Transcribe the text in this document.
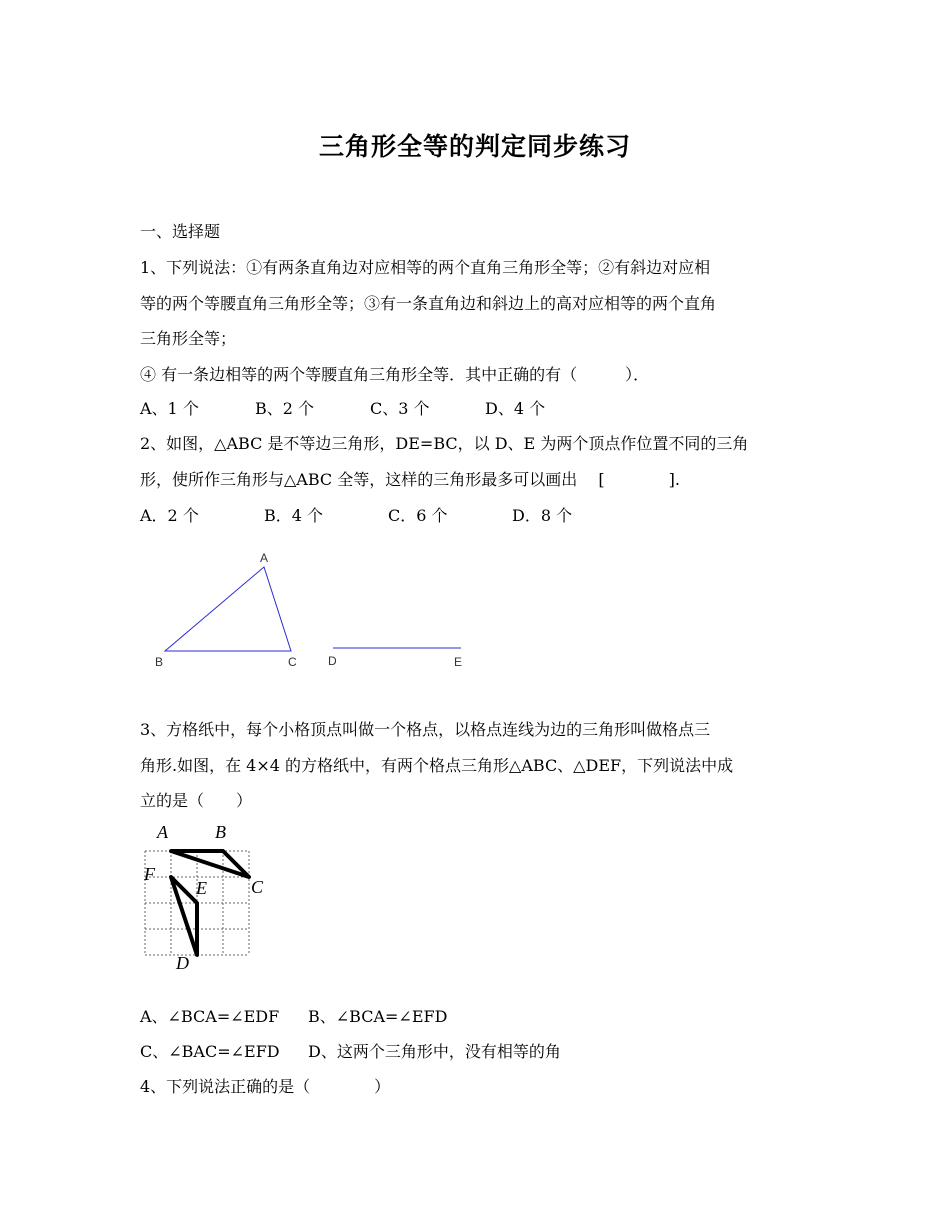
三角形全等的判定同步练习
一、选择题
1、下列说法：①有两条直角边对应相等的两个直角三角形全等；②有斜边对应相
等的两个等腰直角三角形全等；③有一条直角边和斜边上的高对应相等的两个直角
三角形全等；
④ 有一条边相等的两个等腰直角三角形全等．其中正确的有（　　　）．
A、1 个	B、2 个	C、3 个	D、4 个
2、如图，△ABC 是不等边三角形，DE=BC，以 D、E 为两个顶点作位置不同的三角
形，使所作三角形与△ABC 全等，这样的三角形最多可以画出　 [　　　　].
A．2 个	B．4 个	C．6 个	D．8 个
A
B	C	D	E
3、方格纸中，每个小格顶点叫做一个格点，以格点连线为边的三角形叫做格点三
角形.如图，在 4×4 的方格纸中，有两个格点三角形△ABC、△DEF，下列说法中成
立的是（　　）
A	B
C
D
E
F
A、∠BCA=∠EDF B、∠BCA=∠EFD
C、∠BAC=∠EFD D、这两个三角形中，没有相等的角
4、下列说法正确的是（　　　　）
